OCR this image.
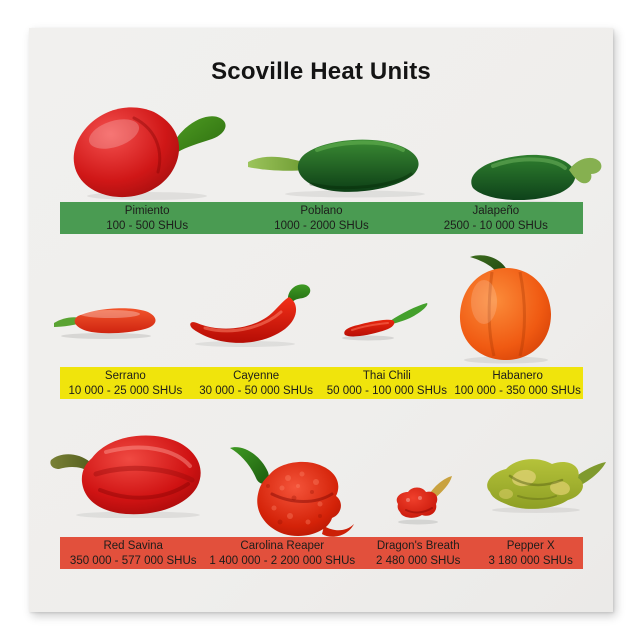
Scoville Heat Units
Pimiento
100 - 500 SHUs
Poblano
1000 - 2000 SHUs
Jalapeño
2500 - 10 000 SHUs
Serrano
10 000 - 25 000 SHUs
Cayenne
30 000 - 50 000 SHUs
Thai Chili
50 000 - 100 000 SHUs
Habanero
100 000 - 350 000 SHUs
Red Savina
350 000 - 577 000 SHUs
Carolina Reaper
1 400 000 - 2 200 000 SHUs
Dragon's Breath
2 480 000 SHUs
Pepper X
3 180 000 SHUs
